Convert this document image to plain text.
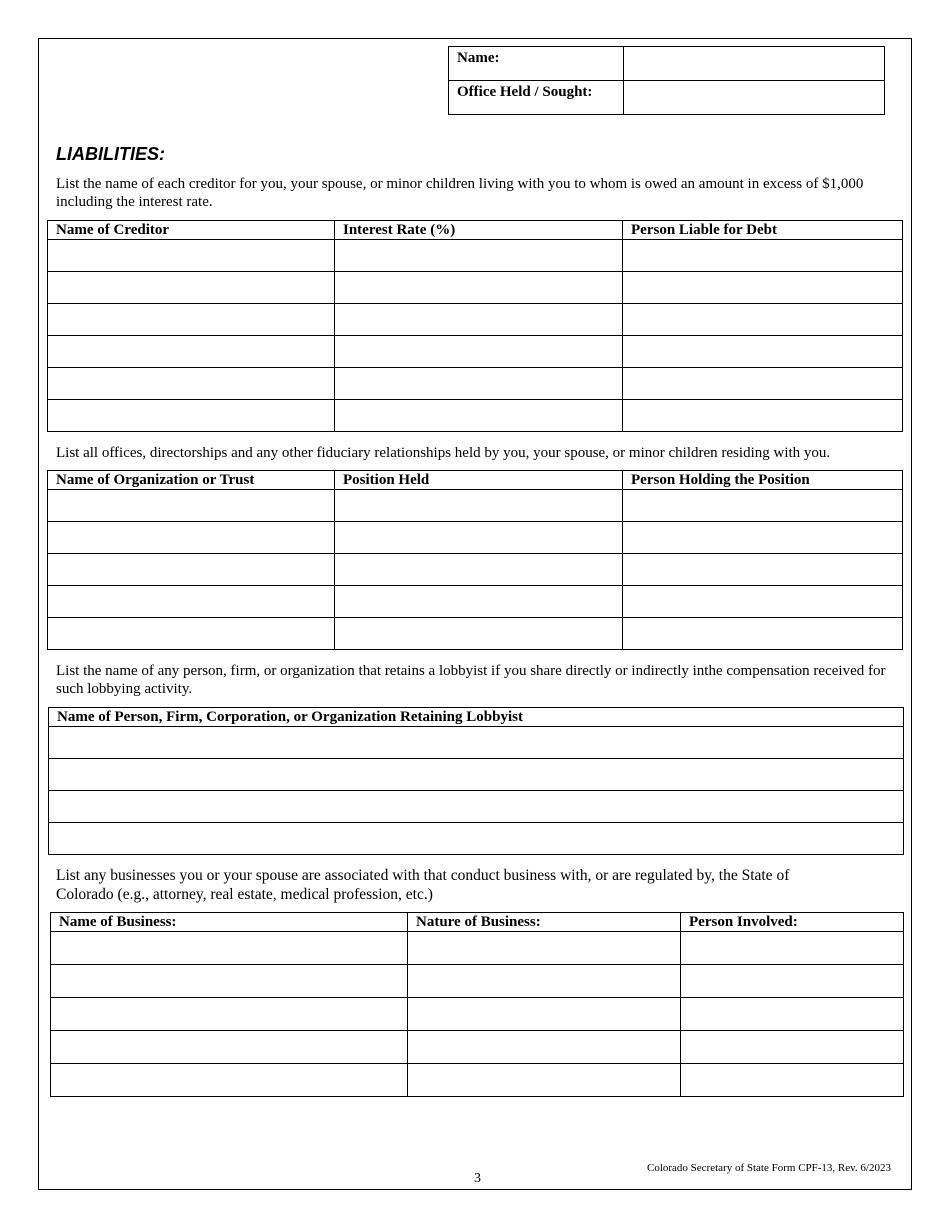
Name:	
Office Held / Sought:	
LIABILITIES:
List the name of each creditor for you, your spouse, or minor children living with you to whom is owed an amount in excess of $1,000 including the interest rate.
Name of Creditor	Interest Rate (%)	Person Liable for Debt

List all offices, directorships and any other fiduciary relationships held by you, your spouse, or minor children residing with you.
Name of Organization or Trust	Position Held	Person Holding the Position

List the name of any person, firm, or organization that retains a lobbyist if you share directly or indirectly inthe compensation received for such lobbying activity.
Name of Person, Firm, Corporation, or Organization Retaining Lobbyist

List any businesses you or your spouse are associated with that conduct business with, or are regulated by, the State of Colorado (e.g., attorney, real estate, medical profession, etc.)
Name of Business:	Nature of Business:	Person Involved:

Colorado Secretary of State Form CPF-13, Rev. 6/2023
3
